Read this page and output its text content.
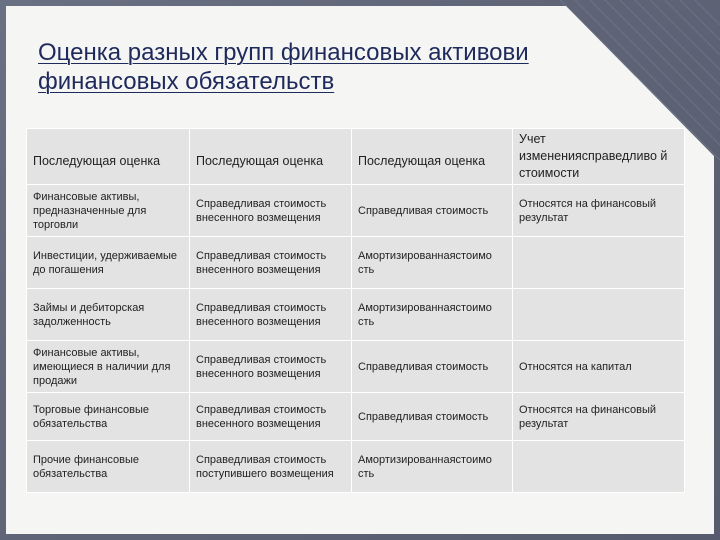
Оценка разных групп финансовых активови
финансовых обязательств
Последующая оценка	Последующая оценка	Последующая оценка	Учет изменениясправедливо й стоимости
Финансовые активы, предназначенные для торговли	Справедливая стоимость внесенного возмещения	Справедливая стоимость	Относятся на финансовый результат
Инвестиции, удерживаемые до погашения	Справедливая стоимость внесенного возмещения	Амортизированнаястоимо сть	
Займы и дебиторская задолженность	Справедливая стоимость внесенного возмещения	Амортизированнаястоимо сть	
Финансовые активы, имеющиеся в наличии для продажи	Справедливая стоимость внесенного возмещения	Справедливая стоимость	Относятся на капитал
Торговые финансовые обязательства	Справедливая стоимость внесенного возмещения	Справедливая стоимость	Относятся на финансовый результат
Прочие финансовые обязательства	Справедливая стоимость поступившего возмещения	Амортизированнаястоимо сть	
